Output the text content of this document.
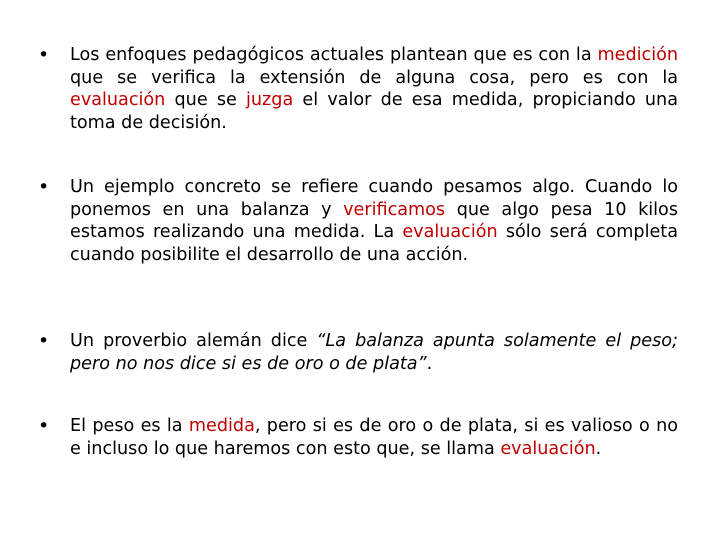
•	Los enfoques pedagógicos actuales plantean que es con la medición que se verifica la extensión de alguna cosa, pero es con la evaluación que se juzga el valor de esa medida, propiciando una toma de decisión.

•	Un ejemplo concreto se refiere cuando pesamos algo. Cuando lo ponemos en una balanza y verificamos que algo pesa 10 kilos estamos realizando una medida. La evaluación sólo será completa cuando posibilite el desarrollo de una acción.

•	Un proverbio alemán dice “La balanza apunta solamente el peso; pero no nos dice si es de oro o de plata”.

•	El peso es la medida, pero si es de oro o de plata, si es valioso o no e incluso lo que haremos con esto que, se llama evaluación.
